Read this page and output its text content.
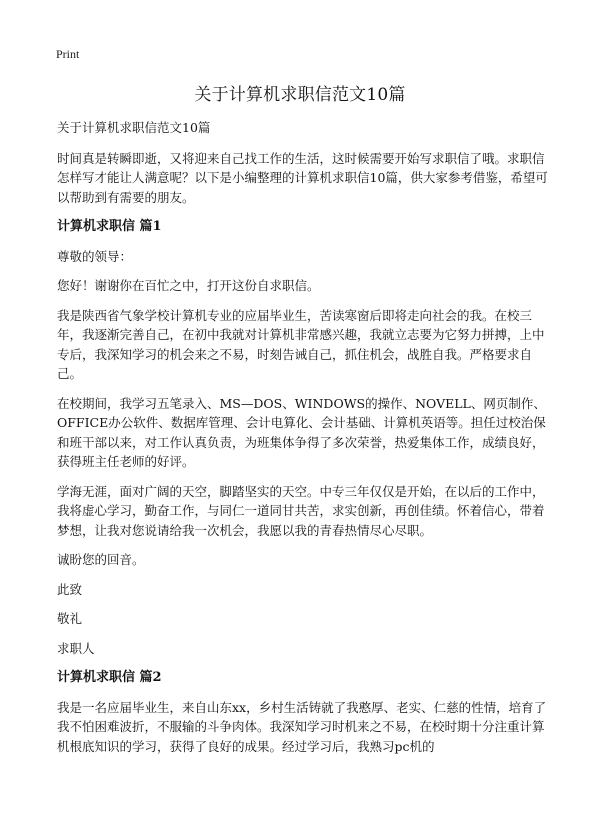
Print
关于计算机求职信范文10篇

关于计算机求职信范文10篇

时间真是转瞬即逝，又将迎来自己找工作的生活，这时候需要开始写求职信了哦。求职信怎样写才能让人满意呢？以下是小编整理的计算机求职信10篇，供大家参考借鉴，希望可以帮助到有需要的朋友。

计算机求职信 篇1

尊敬的领导：

您好！谢谢你在百忙之中，打开这份自求职信。

我是陕西省气象学校计算机专业的应届毕业生，苦读寒窗后即将走向社会的我。在校三年，我逐渐完善自己，在初中我就对计算机非常感兴趣，我就立志要为它努力拼搏，上中专后，我深知学习的机会来之不易，时刻告诫自己，抓住机会，战胜自我。严格要求自己。

在校期间，我学习五笔录入、MS—DOS、WINDOWS的操作、NOVELL、网页制作、OFFICE办公软件、数据库管理、会计电算化、会计基础、计算机英语等。担任过校治保和班干部以来，对工作认真负责，为班集体争得了多次荣誉，热爱集体工作，成绩良好，获得班主任老师的好评。

学海无涯，面对广阔的天空，脚踏坚实的天空。中专三年仅仅是开始，在以后的工作中，我将虚心学习，勤奋工作，与同仁一道同甘共苦，求实创新，再创佳绩。怀着信心，带着梦想，让我对您说请给我一次机会，我愿以我的青春热情尽心尽职。

诚盼您的回音。

此致

敬礼

求职人

计算机求职信 篇2

我是一名应届毕业生，来自山东xx，乡村生活铸就了我憨厚、老实、仁慈的性情，培育了我不怕困难波折，不服输的斗争肉体。我深知学习时机来之不易，在校时期十分注重计算机根底知识的学习，获得了良好的成果。经过学习后，我熟习pc机的
